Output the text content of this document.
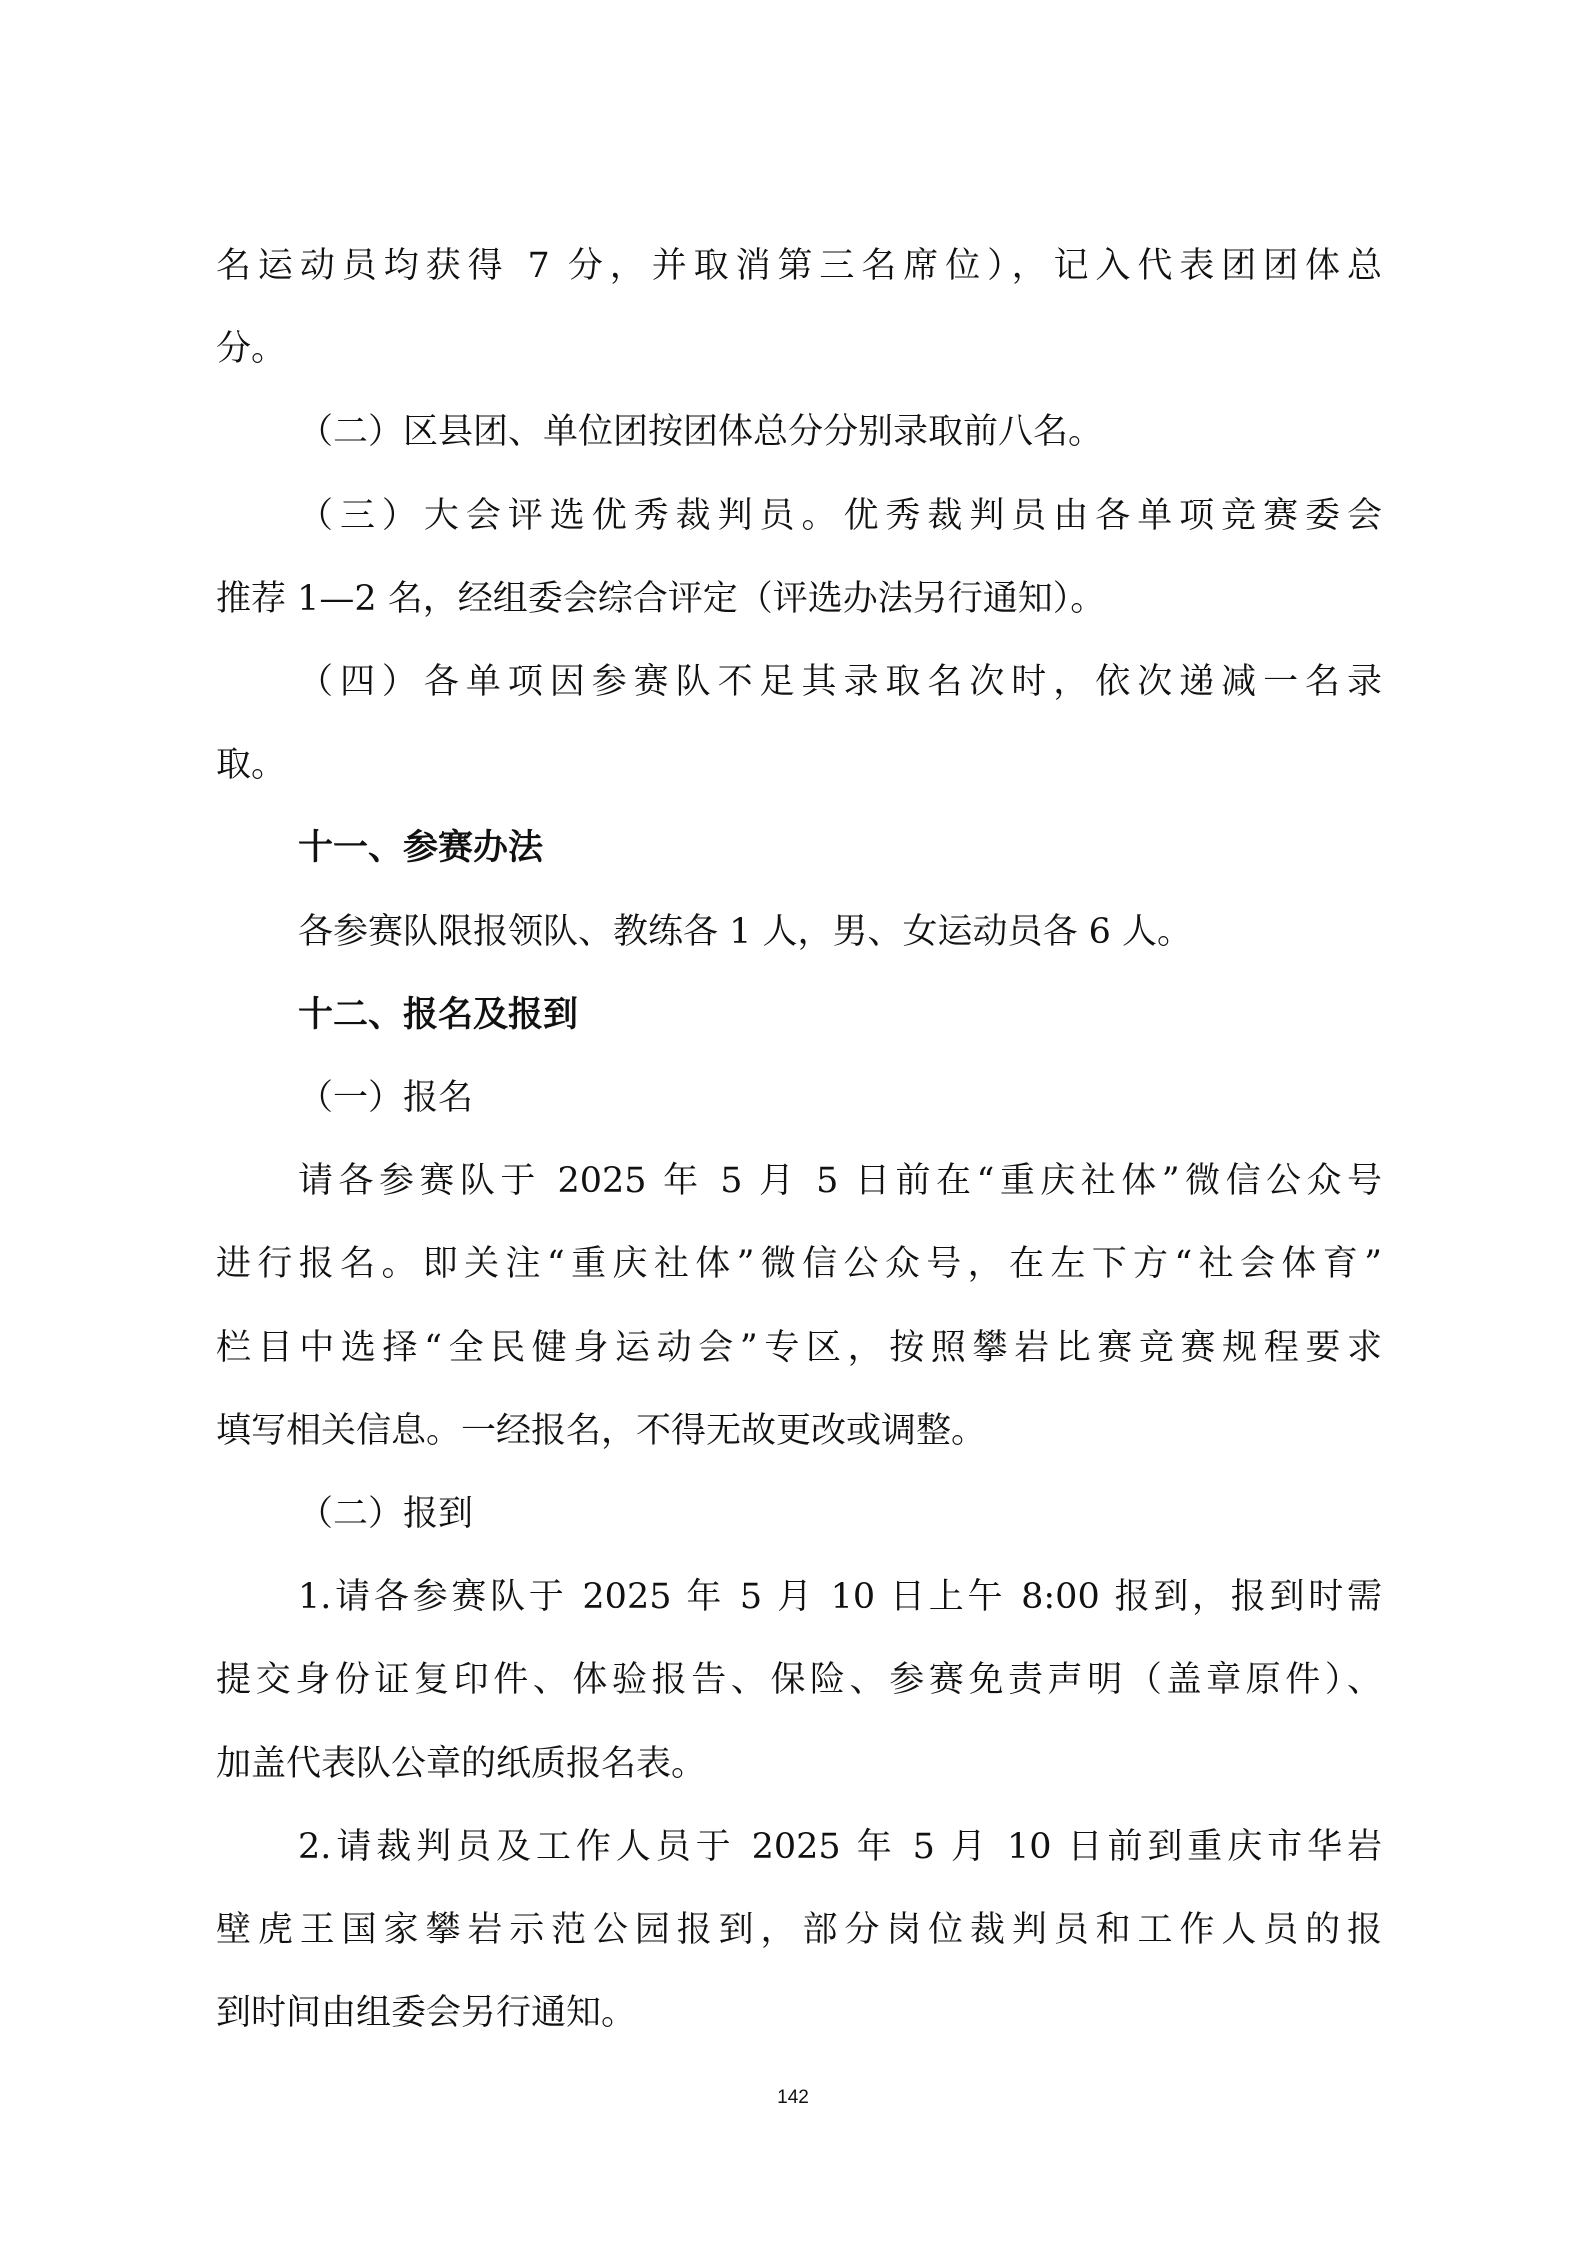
名运动员均获得 7 分，并取消第三名席位），记入代表团团体总
分。
（二）区县团、单位团按团体总分分别录取前八名。
（三）大会评选优秀裁判员。优秀裁判员由各单项竞赛委会
推荐 1—2 名，经组委会综合评定（评选办法另行通知）。
（四）各单项因参赛队不足其录取名次时，依次递减一名录
取。
十一、参赛办法
各参赛队限报领队、教练各 1 人，男、女运动员各 6 人。
十二、报名及报到
（一）报名
请各参赛队于 2025 年 5 月 5 日前在“重庆社体”微信公众号
进行报名。即关注“重庆社体”微信公众号，在左下方“社会体育”
栏目中选择“全民健身运动会”专区，按照攀岩比赛竞赛规程要求
填写相关信息。一经报名，不得无故更改或调整。
（二）报到
1.请各参赛队于 2025 年 5 月 10 日上午 8:00 报到，报到时需
提交身份证复印件、体验报告、保险、参赛免责声明（盖章原件）、
加盖代表队公章的纸质报名表。
2.请裁判员及工作人员于 2025 年 5 月 10 日前到重庆市华岩
壁虎王国家攀岩示范公园报到，部分岗位裁判员和工作人员的报
到时间由组委会另行通知。
142
